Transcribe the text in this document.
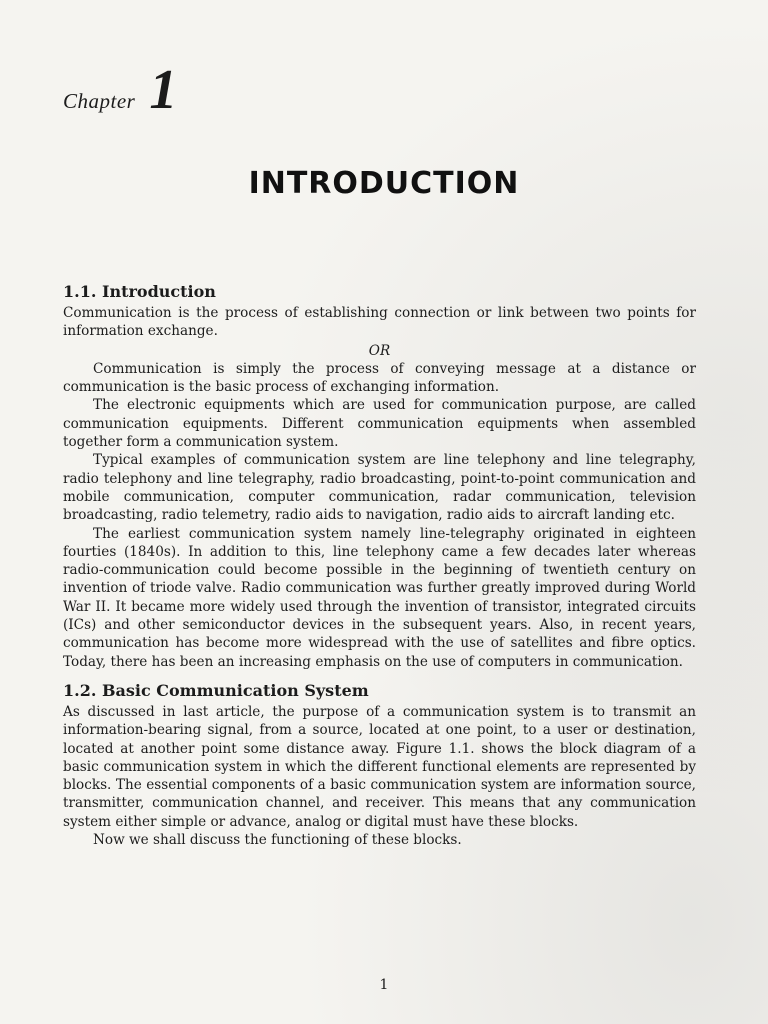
Chapter 1
INTRODUCTION
1.1. Introduction

Communication is the process of establishing connection or link between two points for information exchange.

OR

Communication is simply the process of conveying message at a distance or communication is the basic process of exchanging information.

The electronic equipments which are used for communication purpose, are called communication equipments. Different communication equipments when assembled together form a communication system.

Typical examples of communication system are line telephony and line telegraphy, radio telephony and line telegraphy, radio broadcasting, point-to-point communication and mobile communication, computer communication, radar communication, television broadcasting, radio telemetry, radio aids to navigation, radio aids to aircraft landing etc.

The earliest communication system namely line-telegraphy originated in eighteen fourties (1840s). In addition to this, line telephony came a few decades later whereas radio-communication could become possible in the beginning of twentieth century on invention of triode valve. Radio communication was further greatly improved during World War II. It became more widely used through the invention of transistor, integrated circuits (ICs) and other semiconductor devices in the subsequent years. Also, in recent years, communication has become more widespread with the use of satellites and fibre optics. Today, there has been an increasing emphasis on the use of computers in communication.

1.2. Basic Communication System

As discussed in last article, the purpose of a communication system is to transmit an information-bearing signal, from a source, located at one point, to a user or destination, located at another point some distance away. Figure 1.1. shows the block diagram of a basic communication system in which the different functional elements are represented by blocks. The essential components of a basic communication system are information source, transmitter, communication channel, and receiver. This means that any communication system either simple or advance, analog or digital must have these blocks.

Now we shall discuss the functioning of these blocks.

1
